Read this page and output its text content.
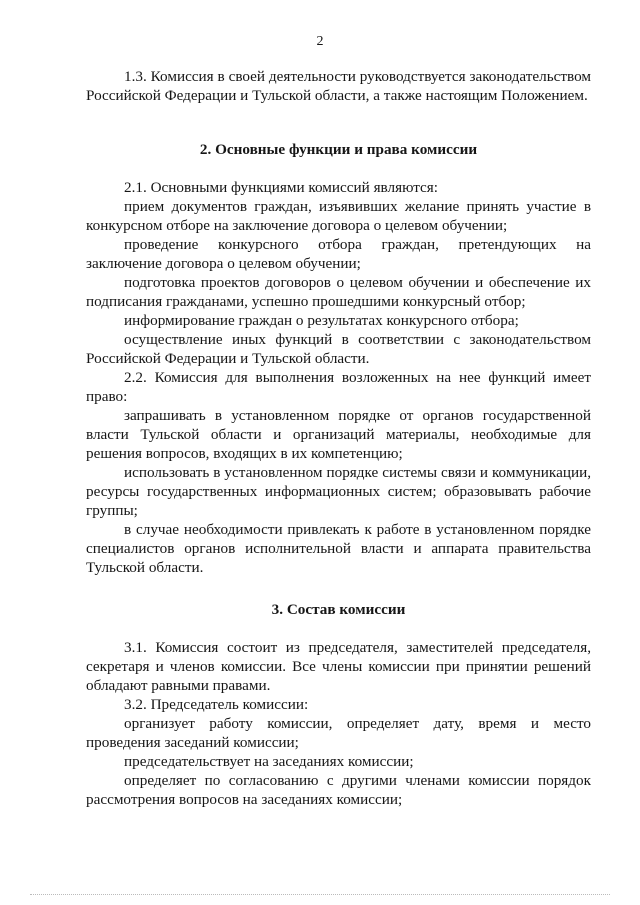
2

1.3. Комиссия в своей деятельности руководствуется законодательством Российской Федерации и Тульской области, а также настоящим Положением.

2. Основные функции и права комиссии

2.1. Основными функциями комиссий являются:

прием документов граждан, изъявивших желание принять участие в конкурсном отборе на заключение договора о целевом обучении;

проведение конкурсного отбора граждан, претендующих на заключение договора о целевом обучении;

подготовка проектов договоров о целевом обучении и обеспечение их подписания гражданами, успешно прошедшими конкурсный отбор;

информирование граждан о результатах конкурсного отбора;

осуществление иных функций в соответствии с законодательством Российской Федерации и Тульской области.

2.2. Комиссия для выполнения возложенных на нее функций имеет право:

запрашивать в установленном порядке от органов государственной власти Тульской области и организаций материалы, необходимые для решения вопросов, входящих в их компетенцию;

использовать в установленном порядке системы связи и коммуникации, ресурсы государственных информационных систем; образовывать рабочие группы;

в случае необходимости привлекать к работе в установленном порядке специалистов органов исполнительной власти и аппарата правительства Тульской области.

3. Состав комиссии

3.1. Комиссия состоит из председателя, заместителей председателя, секретаря и членов комиссии. Все члены комиссии при принятии решений обладают равными правами.

3.2. Председатель комиссии:

организует работу комиссии, определяет дату, время и место проведения заседаний комиссии;

председательствует на заседаниях комиссии;

определяет по согласованию с другими членами комиссии порядок рассмотрения вопросов на заседаниях комиссии;
